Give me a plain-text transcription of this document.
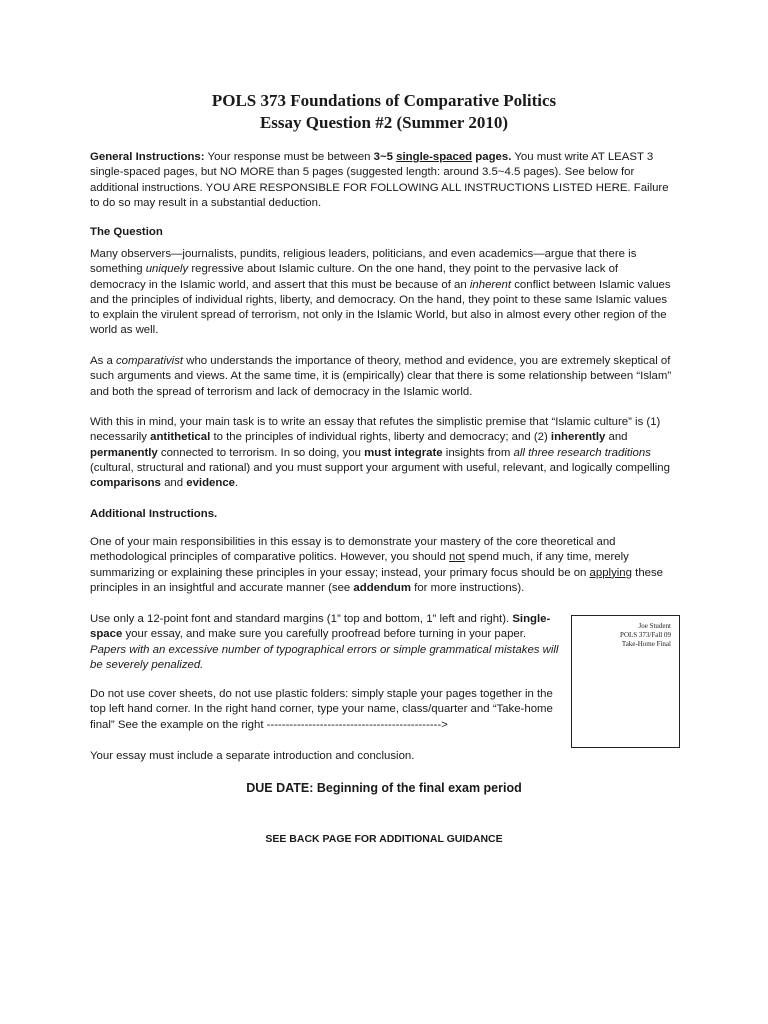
POLS 373 Foundations of Comparative Politics
Essay Question #2 (Summer 2010)

General Instructions: Your response must be between 3~5 single-spaced pages. You must write AT LEAST 3 single-spaced pages, but NO MORE than 5 pages (suggested length: around 3.5~4.5 pages). See below for additional instructions. YOU ARE RESPONSIBLE FOR FOLLOWING ALL INSTRUCTIONS LISTED HERE. Failure to do so may result in a substantial deduction.

The Question

Many observers—journalists, pundits, religious leaders, politicians, and even academics—argue that there is something uniquely regressive about Islamic culture. On the one hand, they point to the pervasive lack of democracy in the Islamic world, and assert that this must be because of an inherent conflict between Islamic values and the principles of individual rights, liberty, and democracy. On the hand, they point to these same Islamic values to explain the virulent spread of terrorism, not only in the Islamic World, but also in almost every other region of the world as well.

As a comparativist who understands the importance of theory, method and evidence, you are extremely skeptical of such arguments and views. At the same time, it is (empirically) clear that there is some relationship between “Islam” and both the spread of terrorism and lack of democracy in the Islamic world.

With this in mind, your main task is to write an essay that refutes the simplistic premise that “Islamic culture” is (1) necessarily antithetical to the principles of individual rights, liberty and democracy; and (2) inherently and permanently connected to terrorism. In so doing, you must integrate insights from all three research traditions (cultural, structural and rational) and you must support your argument with useful, relevant, and logically compelling comparisons and evidence.

Additional Instructions.

One of your main responsibilities in this essay is to demonstrate your mastery of the core theoretical and methodological principles of comparative politics. However, you should not spend much, if any time, merely summarizing or explaining these principles in your essay; instead, your primary focus should be on applying these principles in an insightful and accurate manner (see addendum for more instructions).

Use only a 12-point font and standard margins (1” top and bottom, 1” left and right). Single-space your essay, and make sure you carefully proofread before turning in your paper. Papers with an excessive number of typographical errors or simple grammatical mistakes will be severely penalized.

Do not use cover sheets, do not use plastic folders: simply staple your pages together in the top left hand corner. In the right hand corner, type your name, class/quarter and “Take-home final” See the example on the right ---------------------------------------------->

Your essay must include a separate introduction and conclusion.

Joe Student
POLS 373/Fall 09
Take-Home Final
DUE DATE: Beginning of the final exam period
SEE BACK PAGE FOR ADDITIONAL GUIDANCE
